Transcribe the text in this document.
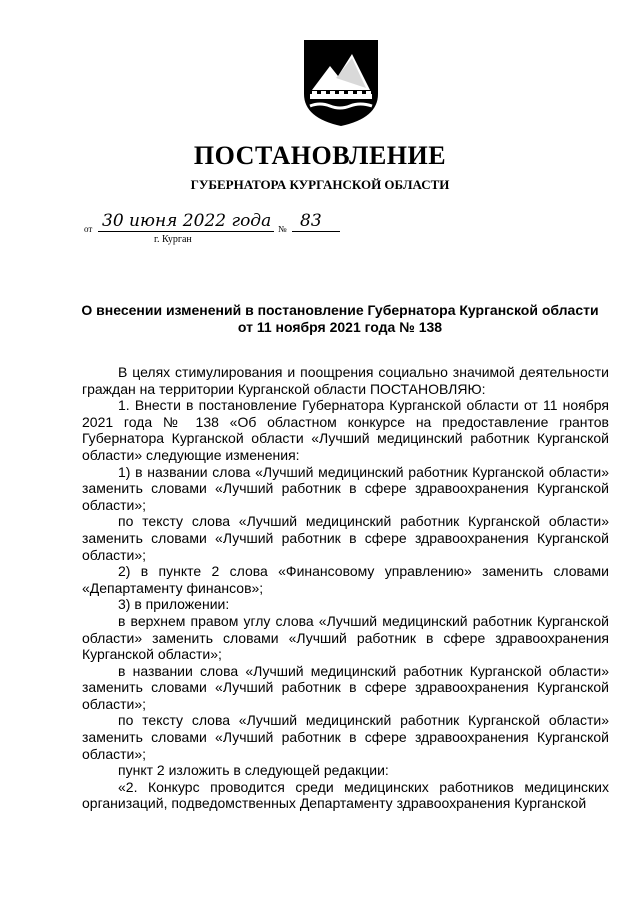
ПОСТАНОВЛЕНИЕ
ГУБЕРНАТОРА КУРГАНСКОЙ ОБЛАСТИ
от 30 июня 2022 года № 83
г. Курган
О внесении изменений в постановление Губернатора Курганской области
от 11 ноября 2021 года № 138

В целях стимулирования и поощрения социально значимой деятельности граждан на территории Курганской области ПОСТАНОВЛЯЮ:

1. Внести в постановление Губернатора Курганской области от 11 ноября 2021 года № 138 «Об областном конкурсе на предоставление грантов Губернатора Курганской области «Лучший медицинский работник Курганской области» следующие изменения:

1) в названии слова «Лучший медицинский работник Курганской области» заменить словами «Лучший работник в сфере здравоохранения Курганской области»;

по тексту слова «Лучший медицинский работник Курганской области» заменить словами «Лучший работник в сфере здравоохранения Курганской области»;

2) в пункте 2 слова «Финансовому управлению» заменить словами «Департаменту финансов»;

3) в приложении:

в верхнем правом углу слова «Лучший медицинский работник Курганской области» заменить словами «Лучший работник в сфере здравоохранения Курганской области»;

в названии слова «Лучший медицинский работник Курганской области» заменить словами «Лучший работник в сфере здравоохранения Курганской области»;

по тексту слова «Лучший медицинский работник Курганской области» заменить словами «Лучший работник в сфере здравоохранения Курганской области»;

пункт 2 изложить в следующей редакции:

«2. Конкурс проводится среди медицинских работников медицинских организаций, подведомственных Департаменту здравоохранения Курганской
